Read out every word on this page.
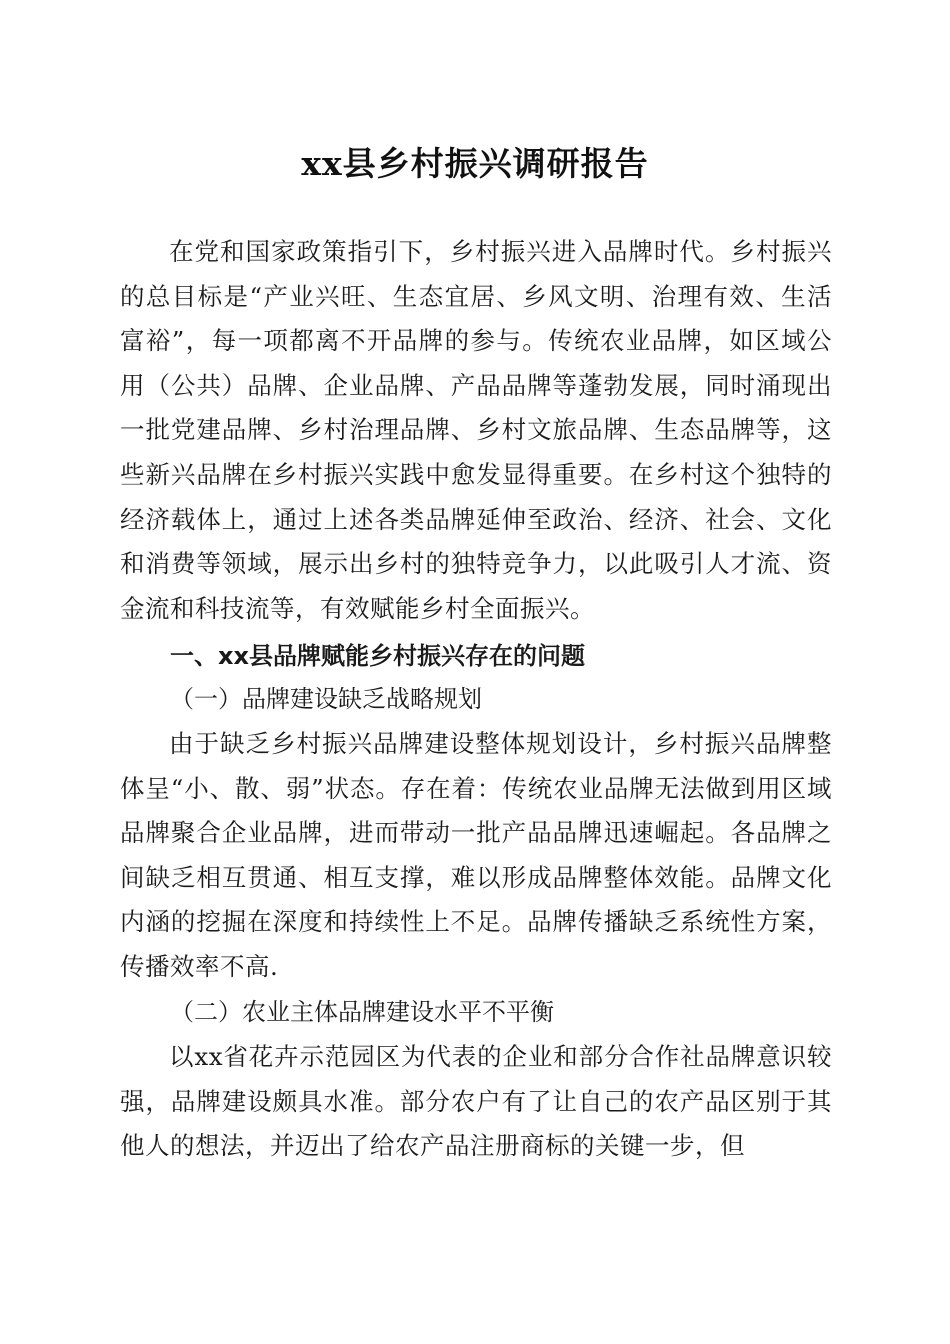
xx县乡村振兴调研报告

在党和国家政策指引下，乡村振兴进入品牌时代。乡村振兴的总目标是“产业兴旺、生态宜居、乡风文明、治理有效、生活富裕”，每一项都离不开品牌的参与。传统农业品牌，如区域公用（公共）品牌、企业品牌、产品品牌等蓬勃发展，同时涌现出一批党建品牌、乡村治理品牌、乡村文旅品牌、生态品牌等，这些新兴品牌在乡村振兴实践中愈发显得重要。在乡村这个独特的经济载体上，通过上述各类品牌延伸至政治、经济、社会、文化和消费等领域，展示出乡村的独特竞争力，以此吸引人才流、资金流和科技流等，有效赋能乡村全面振兴。

一、xx县品牌赋能乡村振兴存在的问题

（一）品牌建设缺乏战略规划

由于缺乏乡村振兴品牌建设整体规划设计，乡村振兴品牌整体呈“小、散、弱”状态。存在着：传统农业品牌无法做到用区域品牌聚合企业品牌，进而带动一批产品品牌迅速崛起。各品牌之间缺乏相互贯通、相互支撑，难以形成品牌整体效能。品牌文化内涵的挖掘在深度和持续性上不足。品牌传播缺乏系统性方案，传播效率不高.

（二）农业主体品牌建设水平不平衡

以xx省花卉示范园区为代表的企业和部分合作社品牌意识较强，品牌建设颇具水准。部分农户有了让自己的农产品区别于其他人的想法，并迈出了给农产品注册商标的关键一步，但
